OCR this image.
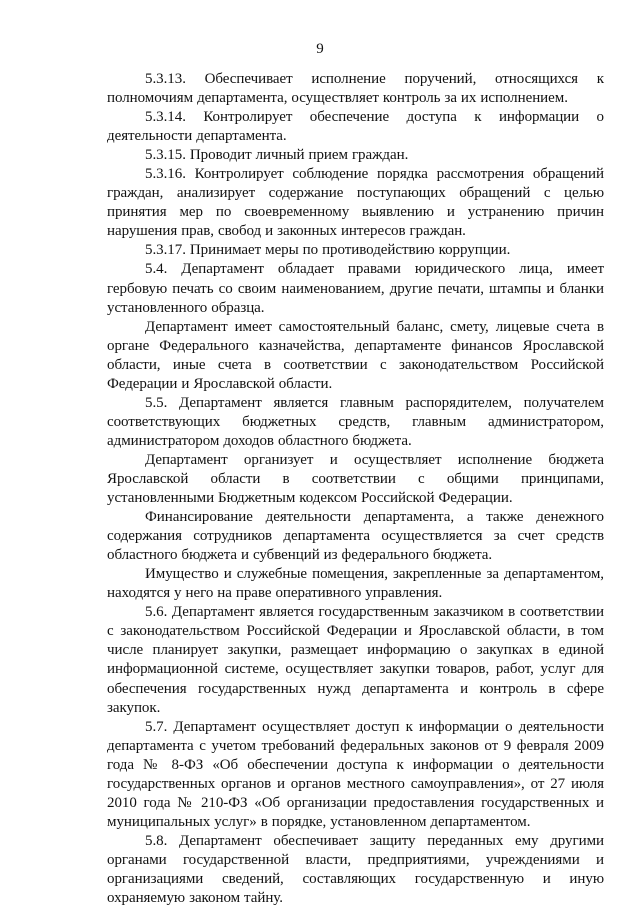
9

5.3.13. Обеспечивает исполнение поручений, относящихся к полномочиям департамента, осуществляет контроль за их исполнением.

5.3.14. Контролирует обеспечение доступа к информации о деятельности департамента.

5.3.15. Проводит личный прием граждан.

5.3.16. Контролирует соблюдение порядка рассмотрения обращений граждан, анализирует содержание поступающих обращений с целью принятия мер по своевременному выявлению и устранению причин нарушения прав, свобод и законных интересов граждан.

5.3.17. Принимает меры по противодействию коррупции.

5.4. Департамент обладает правами юридического лица, имеет гербовую печать со своим наименованием, другие печати, штампы и бланки установленного образца.

Департамент имеет самостоятельный баланс, смету, лицевые счета в органе Федерального казначейства, департаменте финансов Ярославской области, иные счета в соответствии с законодательством Российской Федерации и Ярославской области.

5.5. Департамент является главным распорядителем, получателем соответствующих бюджетных средств, главным администратором, администратором доходов областного бюджета.

Департамент организует и осуществляет исполнение бюджета Ярославской области в соответствии с общими принципами, установленными Бюджетным кодексом Российской Федерации.

Финансирование деятельности департамента, а также денежного содержания сотрудников департамента осуществляется за счет средств областного бюджета и субвенций из федерального бюджета.

Имущество и служебные помещения, закрепленные за департаментом, находятся у него на праве оперативного управления.

5.6. Департамент является государственным заказчиком в соответствии с законодательством Российской Федерации и Ярославской области, в том числе планирует закупки, размещает информацию о закупках в единой информационной системе, осуществляет закупки товаров, работ, услуг для обеспечения государственных нужд департамента и контроль в сфере закупок.

5.7. Департамент осуществляет доступ к информации о деятельности департамента с учетом требований федеральных законов от 9 февраля 2009 года № 8-ФЗ «Об обеспечении доступа к информации о деятельности государственных органов и органов местного самоуправления», от 27 июля 2010 года № 210-ФЗ «Об организации предоставления государственных и муниципальных услуг» в порядке, установленном департаментом.

5.8. Департамент обеспечивает защиту переданных ему другими органами государственной власти, предприятиями, учреждениями и организациями сведений, составляющих государственную и иную охраняемую законом тайну.
